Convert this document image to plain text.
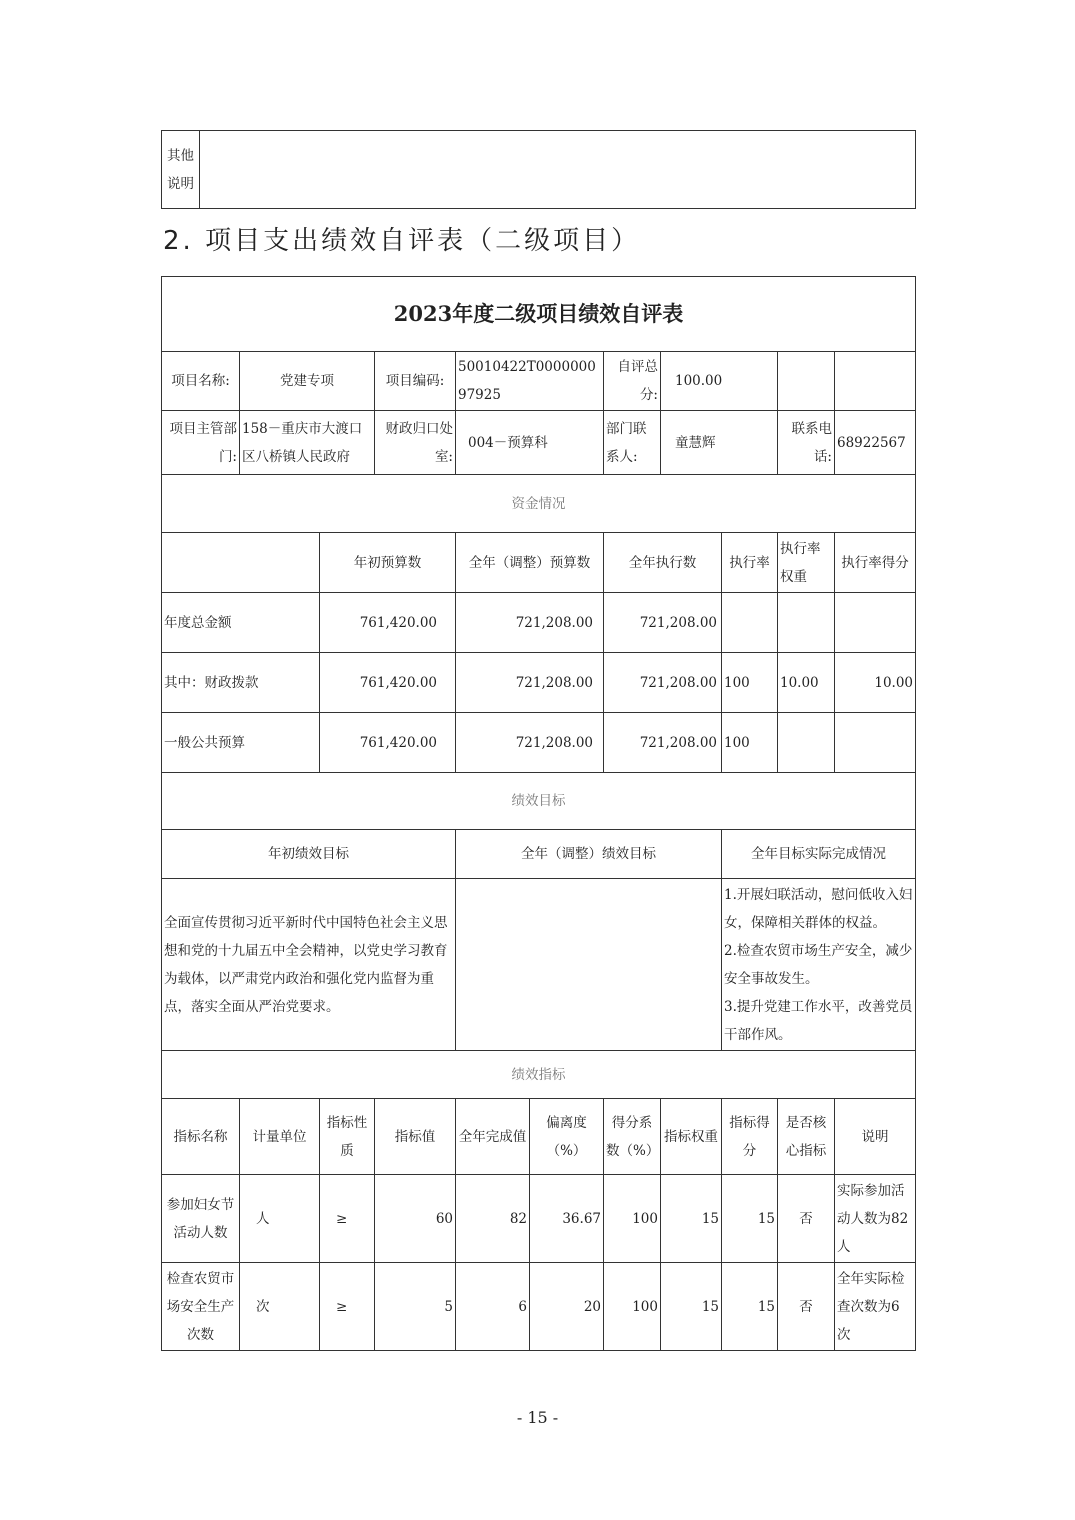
其他
说明

2. 项目支出绩效自评表（二级项目）
2023年度二级项目绩效自评表										
项目名称:	党建专项		项目编码:	50010422T000000097925		自评总分:	100.00			
项目主管部门:	158－重庆市大渡口区八桥镇人民政府		财政归口处室:	004－预算科		部门联系人:	童慧辉		联系电话:	68922567
资金情况										
		年初预算数		全年（调整）预算数		全年执行数		执行率	执行率权重	执行率得分
年度总金额		761,420.00		721,208.00		721,208.00				
其中：财政拨款		761,420.00		721,208.00		721,208.00		100	10.00	10.00
一般公共预算		761,420.00		721,208.00		721,208.00		100		
绩效目标										
年初绩效目标				全年（调整）绩效目标				全年目标实际完成情况		
全面宣传贯彻习近平新时代中国特色社会主义思想和党的十九届五中全会精神，以党史学习教育为载体，以严肃党内政治和强化党内监督为重点，落实全面从严治党要求。								1.开展妇联活动，慰问低收入妇女，保障相关群体的权益。
2.检查农贸市场生产安全，减少安全事故发生。
3.提升党建工作水平，改善党员干部作风。		

绩效指标										
指标名称	计量单位	指标性质	指标值	全年完成值	偏离度（%）	得分系数（%）	指标权重	指标得分	是否核心指标	说明
参加妇女节活动人数	人	≥	60	82	36.67	100	15	15	否	实际参加活动人数为82人
检查农贸市场安全生产次数	次	≥	5	6	20	100	15	15	否	全年实际检查次数为6次
- 15 -
